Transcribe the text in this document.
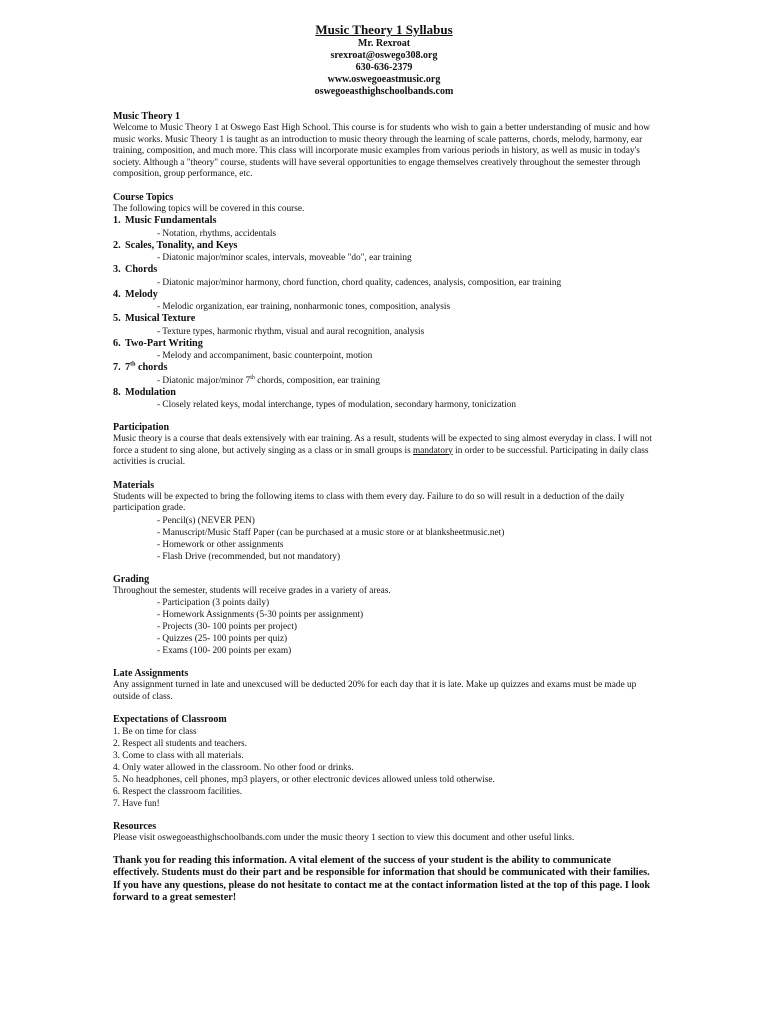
Music Theory 1 Syllabus

Mr. Rexroat

srexroat@oswego308.org

630-636-2379

www.oswegoeastmusic.org

oswegoeasthighschoolbands.com

Music Theory 1

Welcome to Music Theory 1 at Oswego East High School. This course is for students who wish to gain a better understanding of music and how music works. Music Theory 1 is taught as an introduction to music theory through the learning of scale patterns, chords, melody, harmony, ear training, composition, and much more. This class will incorporate music examples from various periods in history, as well as music in today's society. Although a "theory" course, students will have several opportunities to engage themselves creatively throughout the semester through composition, group performance, etc.

Course Topics

The following topics will be covered in this course.

1. Music Fundamentals
- Notation, rhythms, accidentals
2. Scales, Tonality, and Keys
- Diatonic major/minor scales, intervals, moveable "do", ear training
3. Chords
- Diatonic major/minor harmony, chord function, chord quality, cadences, analysis, composition, ear training
4. Melody
- Melodic organization, ear training, nonharmonic tones, composition, analysis
5. Musical Texture
- Texture types, harmonic rhythm, visual and aural recognition, analysis
6. Two-Part Writing
- Melody and accompaniment, basic counterpoint, motion
7. 7th chords
- Diatonic major/minor 7th chords, composition, ear training
8. Modulation
- Closely related keys, modal interchange, types of modulation, secondary harmony, tonicization
Participation

Music theory is a course that deals extensively with ear training. As a result, students will be expected to sing almost everyday in class. I will not force a student to sing alone, but actively singing as a class or in small groups is mandatory in order to be successful. Participating in daily class activities is crucial.

Materials

Students will be expected to bring the following items to class with them every day. Failure to do so will result in a deduction of the daily participation grade.

- Pencil(s) (NEVER PEN)
- Manuscript/Music Staff Paper (can be purchased at a music store or at blanksheetmusic.net)
- Homework or other assignments
- Flash Drive (recommended, but not mandatory)
Grading

Throughout the semester, students will receive grades in a variety of areas.

- Participation (3 points daily)
- Homework Assignments (5-30 points per assignment)
- Projects (30- 100 points per project)
- Quizzes (25- 100 points per quiz)
- Exams (100- 200 points per exam)
Late Assignments

Any assignment turned in late and unexcused will be deducted 20% for each day that it is late. Make up quizzes and exams must be made up outside of class.

Expectations of Classroom
1. Be on time for class
2. Respect all students and teachers.
3. Come to class with all materials.
4. Only water allowed in the classroom. No other food or drinks.
5. No headphones, cell phones, mp3 players, or other electronic devices allowed unless told otherwise.
6. Respect the classroom facilities.
7. Have fun!
Resources

Please visit oswegoeasthighschoolbands.com under the music theory 1 section to view this document and other useful links.

Thank you for reading this information. A vital element of the success of your student is the ability to communicate effectively. Students must do their part and be responsible for information that should be communicated with their families. If you have any questions, please do not hesitate to contact me at the contact information listed at the top of this page. I look forward to a great semester!
